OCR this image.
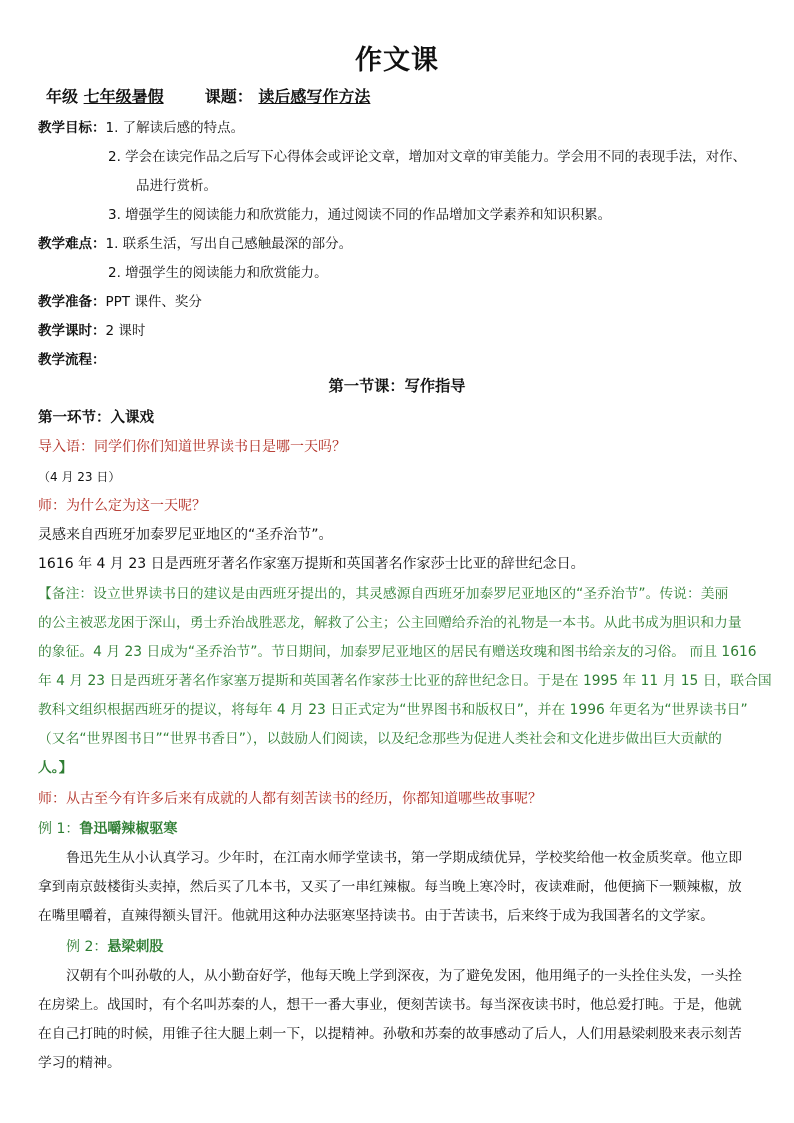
作文课
年级 七年级暑假	课题： 读后感写作方法
教学目标：1. 了解读后感的特点。
2. 学会在读完作品之后写下心得体会或评论文章，增加对文章的审美能力。学会用不同的表现手法，对作、
品进行赏析。
3. 增强学生的阅读能力和欣赏能力，通过阅读不同的作品增加文学素养和知识积累。
教学难点：1. 联系生活，写出自己感触最深的部分。
2. 增强学生的阅读能力和欣赏能力。
教学准备：PPT 课件、奖分
教学课时：2 课时
教学流程：
第一节课：写作指导
第一环节：入课戏
导入语：同学们你们知道世界读书日是哪一天吗？
（4 月 23 日）
师：为什么定为这一天呢？
灵感来自西班牙加泰罗尼亚地区的“圣乔治节”。
1616 年 4 月 23 日是西班牙著名作家塞万提斯和英国著名作家莎士比亚的辞世纪念日。
【备注：设立世界读书日的建议是由西班牙提出的，其灵感源自西班牙加泰罗尼亚地区的“圣乔治节”。传说：美丽
的公主被恶龙困于深山，勇士乔治战胜恶龙，解救了公主；公主回赠给乔治的礼物是一本书。从此书成为胆识和力量
的象征。4 月 23 日成为“圣乔治节”。节日期间，加泰罗尼亚地区的居民有赠送玫瑰和图书给亲友的习俗。 而且 1616
年 4 月 23 日是西班牙著名作家塞万提斯和英国著名作家莎士比亚的辞世纪念日。于是在 1995 年 11 月 15 日，联合国
教科文组织根据西班牙的提议，将每年 4 月 23 日正式定为“世界图书和版权日”，并在 1996 年更名为“世界读书日”
（又名“世界图书日”“世界书香日”），以鼓励人们阅读，以及纪念那些为促进人类社会和文化进步做出巨大贡献的
人。】
师：从古至今有许多后来有成就的人都有刻苦读书的经历，你都知道哪些故事呢？
例 1：鲁迅嚼辣椒驱寒
鲁迅先生从小认真学习。少年时，在江南水师学堂读书，第一学期成绩优异，学校奖给他一枚金质奖章。他立即
拿到南京鼓楼街头卖掉，然后买了几本书，又买了一串红辣椒。每当晚上寒冷时，夜读难耐，他便摘下一颗辣椒，放
在嘴里嚼着，直辣得额头冒汗。他就用这种办法驱寒坚持读书。由于苦读书，后来终于成为我国著名的文学家。
例 2：悬梁刺股
汉朝有个叫孙敬的人，从小勤奋好学，他每天晚上学到深夜，为了避免发困，他用绳子的一头拴住头发，一头拴
在房梁上。战国时，有个名叫苏秦的人，想干一番大事业，便刻苦读书。每当深夜读书时，他总爱打盹。于是，他就
在自己打盹的时候，用锥子往大腿上刺一下，以提精神。孙敬和苏秦的故事感动了后人，人们用悬梁刺股来表示刻苦
学习的精神。
